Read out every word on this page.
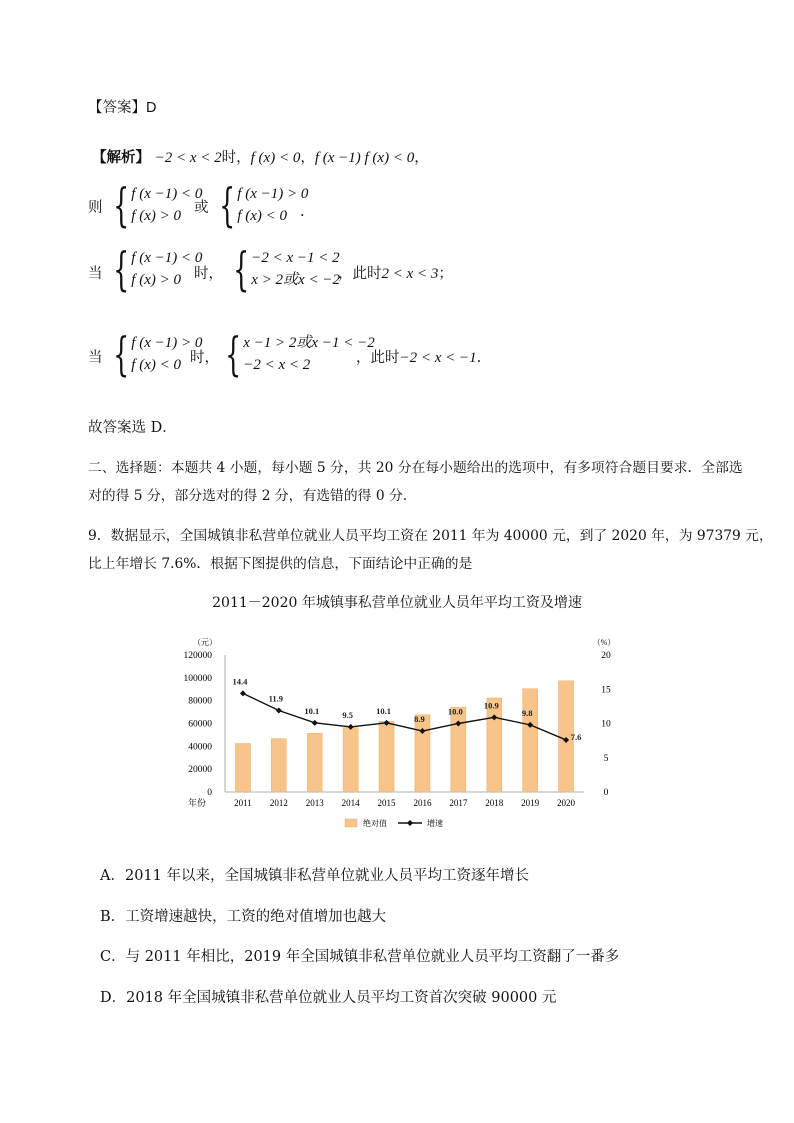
【答案】D
【解析】 −2 < x < 2时，f (x) < 0，f (x −1) f (x) < 0，
则 { f (x −1) < 0
f (x) > 0 或 { f (x −1) > 0
f (x) < 0 .
当 { f (x −1) < 0
f (x) > 0 时， { −2 < x −1 < 2
x > 2或x < −2
，此时2 < x < 3；
当 { f (x −1) > 0
f (x) < 0 时， { x −1 > 2或x −1 < −2
−2 < x < 2	，此时−2 < x < −1.
故答案选 D．
二、选择题：本题共 4 小题，每小题 5 分，共 20 分在每小题给出的选项中，有多项符合题目要求．全部选
对的得 5 分，部分选对的得 2 分，有选错的得 0 分.
9．数据显示，全国城镇非私营单位就业人员平均工资在 2011 年为 40000 元，到了 2020 年，为 97379 元，
比上年增长 7.6%．根据下图提供的信息，下面结论中正确的是
2011－2020 年城镇事私营单位就业人员年平均工资及增速
（元）	（%）
0
20000
40000
60000
80000
100000
120000
0
5
10
15
20
14.4
11.9
10.1	9.5	10.1
8.9
10.0
10.9
9.8
7.6
年份	2011 2012 2013 2014 2015 2016 2017 2018 2019 2020
绝对值	增速
A．2011 年以来，全国城镇非私营单位就业人员平均工资逐年增长
B．工资增速越快，工资的绝对值增加也越大
C．与 2011 年相比，2019 年全国城镇非私营单位就业人员平均工资翻了一番多
D．2018 年全国城镇非私营单位就业人员平均工资首次突破 90000 元
